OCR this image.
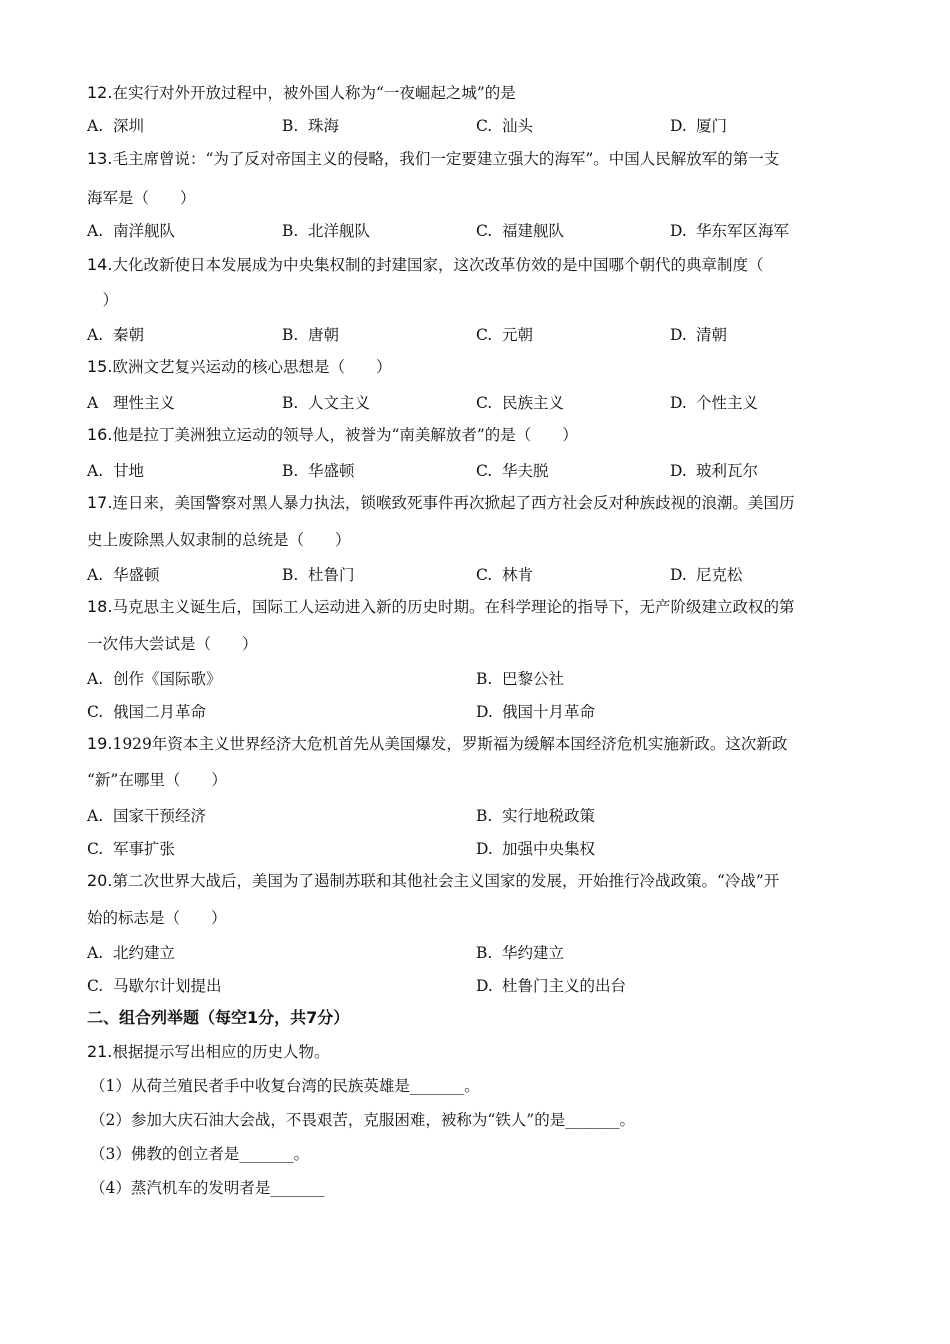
12.在实行对外开放过程中，被外国人称为“一夜崛起之城”的是
A. 深圳	B. 珠海	C. 汕头	D. 厦门
13.毛主席曾说：“为了反对帝国主义的侵略，我们一定要建立强大的海军”。中国人民解放军的第一支
海军是（　　）
A. 南洋舰队	B. 北洋舰队	C. 福建舰队	D. 华东军区海军
14.大化改新使日本发展成为中央集权制的封建国家，这次改革仿效的是中国哪个朝代的典章制度（
　）
A. 秦朝	B. 唐朝	C. 元朝	D. 清朝
15.欧洲文艺复兴运动的核心思想是（　　）
A 理性主义	B. 人文主义	C. 民族主义	D. 个性主义
16.他是拉丁美洲独立运动的领导人，被誉为“南美解放者”的是（　　）
A. 甘地	B. 华盛顿	C. 华夫脱	D. 玻利瓦尔
17.连日来，美国警察对黑人暴力执法，锁喉致死事件再次掀起了西方社会反对种族歧视的浪潮。美国历
史上废除黑人奴隶制的总统是（　　）
A. 华盛顿	B. 杜鲁门	C. 林肯	D. 尼克松
18.马克思主义诞生后，国际工人运动进入新的历史时期。在科学理论的指导下，无产阶级建立政权的第
一次伟大尝试是（　　）
A. 创作《国际歌》	B. 巴黎公社
C. 俄国二月革命	D. 俄国十月革命
19.1929年资本主义世界经济大危机首先从美国爆发，罗斯福为缓解本国经济危机实施新政。这次新政
“新”在哪里（　　）
A. 国家干预经济	B. 实行地税政策
C. 军事扩张	D. 加强中央集权
20.第二次世界大战后，美国为了遏制苏联和其他社会主义国家的发展，开始推行冷战政策。“冷战”开
始的标志是（　　）
A. 北约建立	B. 华约建立
C. 马歇尔计划提出	D. 杜鲁门主义的出台
二、组合列举题（每空1分，共7分）
21.根据提示写出相应的历史人物。
（1）从荷兰殖民者手中收复台湾的民族英雄是_______。
（2）参加大庆石油大会战，不畏艰苦，克服困难，被称为“铁人”的是_______。
（3）佛教的创立者是_______。
（4）蒸汽机车的发明者是_______
